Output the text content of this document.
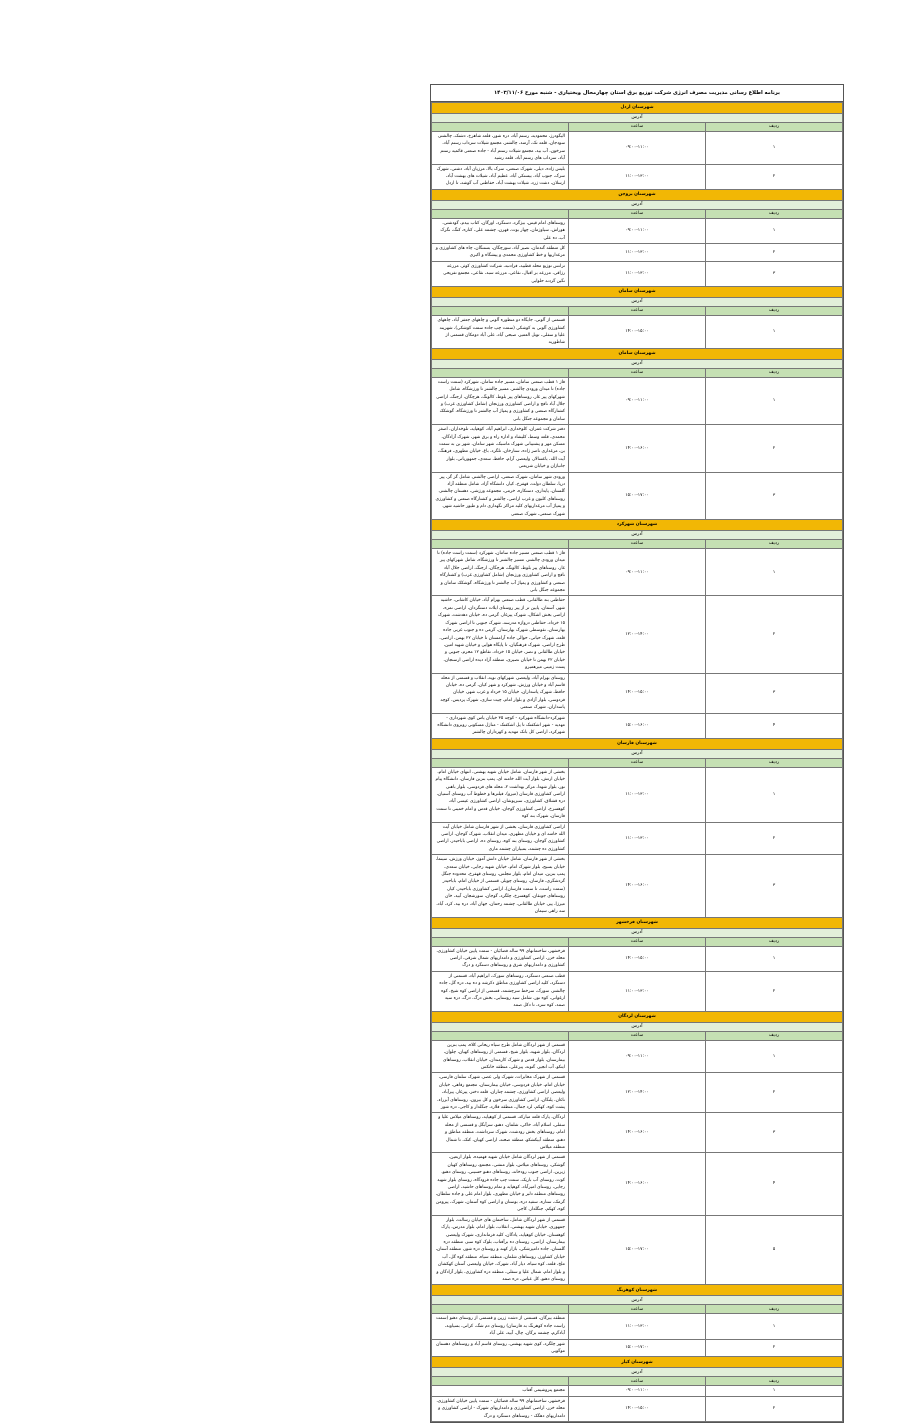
برنامه اطلاع رسانی مدیریت مصرف انرژی شرکت توزیع برق استان چهارمحال وبختیاری - شنبه مورخ ۱۴۰۳/۱۱/۰۶
شهرستان اردل		
آدرس		
ردیف	ساعت	
۱	۰۹:۰۰-۱۱:۰۰	الیگودرز، محمودیه، رستم آباد، دره شور، قلعه شاهرخ، دشتک، چالشتر، سودجان، قلعه تک، آرمند، چالشتر، مجتمع شیلات سرداب رستم آباد، سرخون، آب بید، مجتمع شیلات رستم آباد - جاده صنعتی قائمیه رستم آباد، سرداب های رستم آباد، قلعه رشید
۲	۱۱:۰۰-۱۳:۰۰	بلیس زاده، دیلی، شهرک صنعتی، سرک بالا، مرزیان آباد، دشتی، شهرک سرک، جنوب آباد، بیستکی آباد، عظیم آباد، شیلات های بهشت آباد، ارسلان، دشت زرد، شیلات بهشت آباد، حفاظتی آب گوشه، تا اردل
شهرستان بروجن		
آدرس		
ردیف	ساعت	
۱	۰۹:۰۰-۱۱:۰۰	روستاهای امام قیس، بیژگرد، دستگرد، اورگان، کتاب بیدم، گودشتی، هوراش، سیاوزمان، چهار بوت، قهرن، چشمه علی، کناره، کنگ، نگرک آب، ده علی
۲	۱۱:۰۰-۱۳:۰۰	کل منطقه گندمان، نصیر آباد، سورچگان، بستنگان، چاه های کشاورزی و مرغداریها و خط کشاورزی محمدی و پیشگاه و اکبری
۳	۱۱:۰۰-۱۳:۰۰	ترانس توزیع محله قطبیه، فرادنبه، شرکت کشاورزی کوثر، مزرعه رزاقی، مزرعه بر اقبال، نقاعی، مزرعه سبد، نقاعی، مجتمع تفریحی نگین گردنه حلوایی
شهرستان سامان		
آدرس		
ردیف	ساعت	
۱	۱۴:۰۰-۱۵:۰۰	قسمتی از آلونی، جایگاه دو منظوره آلونی و چاههای جعفر آباد، چاههای کشاورزی آلونی به کوشکی (سمت چپ جاده سمت کوشکی)، شهرینه علیا و سفلی، تونل العمیر، صبحی آباد، علی آباد دومکان قسمتی از شاطوریه
شهرستان سامان		
آدرس		
ردیف	ساعت	
۱	۰۹:۰۰-۱۱:۰۰	فاز ۱ قطب صنعتی سامان، مسیر جاده سامان، شهرکرد (سمت راست جاده) تا میدان ورودی چالشتر، مسیر چالشتر تا ورزشگاه، شامل شهرکهای پیر غار، روستاهای پیر بلوط، کالونگ، هرچگان، ارجنگ، اراضی جلال آباد نافچ و اراضی کشاورزی ورزنجان (شامل کشاورزی غرب) و کشتارگاه صنعتی و کشاورزی و پمپاژ آب چالشتر تا ورزشگاه، گوشکک سامان و مجموعه جنگل بانی
۲	۱۴:۰۰-۱۶:۰۰	دفتر شرکت عمران، کلوخداری، ابراهیم آباد، کوهپایه، تلوخداران، اصغر محمدی، قلعه وسط، کلیشاد و اداره راه و برق شهر، شهرک آزادگان، مسکن مهر و پشتیبانی شهرک ماسبک، شهر سامان، شهر بن به سمت بن، مرغداری ناصر زاده، ستارخان، تلگرد، باغ، خیابان مطهری، فرهنگ، آیت الله، باغسالار، ولیعصر، آرام، حافظ، سعدی، جمهوریاتی، بلوار جانبازان و خیابان شریعتی
۳	۱۵:۰۰-۱۷:۰۰	ورودی شهر سامان، شهرک صنعتی، اراضی چالشتر، شامل گز گز، پیر دریا، سلطان دولت، قهفرخ، کیار، دانشگاه آزاد، شامل منطقه آزاد گلستان، پایداری، دستکاره، خرمی، مجموعه ورزشی، دهستان چالشتر، روستاهای کلبون و غرب اراضی، چالشتر و کشتارگاه صنعتی و کشاورزی و پمپاژ آب مرغداریهای کلیه مراکز نگهداری دام و طیور حاشیه شهر، شهرک صنعتی، شهرک صنعتی
شهرستان شهرکرد		
آدرس		
ردیف	ساعت	
۱	۰۹:۰۰-۱۱:۰۰	فاز ۱ قطب صنعتی مسیر جاده سامان، شهرکرد (سمت راست جاده) تا میدان ورودی چالشتر، مسیر چالشتر تا ورزشگاه، شامل شهرکهای پیر غار، روستاهای پیر بلوط، کالونگ، هرچگان، ارجنگ، اراضی جلال آباد نافچ و اراضی کشاورزی ورزنجان (شامل کشاورزی غرب) و کشتارگاه صنعتی و کشاورزی و پمپاژ آب چالشتر تا ورزشگاه، گوشکک سامان و مجموعه جنگل بانی
۲	۱۲:۰۰-۱۴:۰۰	حفاظتی بند طالقانی، قطب صنعتی بهرام آباد، خیابان کاشانی، حاشیه شهر، آسمان، پایین تر از پیر روستای ایلات دستگردان، اراضی نمره، اراضی بخش اشکال، شهرک پیرغار، گرمی ده، خیابان دهدشت، شهرک ۱۵ خرداد، حفاظتی دروازه مدرسه، شهرک جنوبی تا اراضی شهرک بهارستان، نقوسطی شهرک بهارستان، گرمی ده و جنوب غربی جاده قلعه، شهرک حیاتی، حوالی جاده آرامستان تا خیابان ۲۲ بهمن، اراضی، طرح اراضی، شهرک فرهنگیان، تا پایگاه هوایی و خیابان شهید امین، خیابان طالقانی و نصر، خیابان ۱۵ خرداد، تقاطع ۱۲ محرم، جنوبی و خیابان ۲۲ بهمن تا خیابان نصیری، منطقه آزاد دیده اراضی ارسنجان، پست زمینی میرهمیرو
۳	۱۴:۰۰-۱۵:۰۰	روستای بهرام آباد، ولیعصر، شهرکهای نوید، انقلاب و قسمتی از محله قاسم آباد و خیابان ورزش، شهرکرد و شهر کیان، گرمی ده، خیابان حافظ، شهرک پاسداران، خیابان ۱۵ خرداد و غرب شهر، خیابان فردوسی، بلوار آزادی و بلوار امام، چیت سازی، شهرک پردیس، کوچه پاسداران، شهرک صنعتی
۴	۱۵:۰۰-۱۶:۰۰	شهرکرد-دانشگاه شهرکرد - کوچه ۳۵ خیابان یاس کوی شهرداری - مهدیه - شهر اشکفتک تا پل اشکفتک - منازل مسکونی روبروی دانشگاه شهرکرد، اراضی کل بانک مهدیه و کهرداران چالشتر
شهرستان فارسان		
آدرس		
ردیف	ساعت	
۱	۱۱:۰۰-۱۳:۰۰	بخشی از شهر فارسان، شامل خیابان شهید بهشتی، انتهای خیابان امام، خیابان ارتش، بلوار آیت الله خامنه ای، پمپ بنزین فارسان، دانشگاه پیام نور، بلوار شهدا، مرکز بهداشت ۲، محله های فردوسی، بلوار باهنر، اراضی کشاورزی فارسان (میرو)، فیلترها و خطوط آب روستای آستیان، دره قشلاق، کشاورزی، سبزپوشان، اراضی کشاورزی عیسی آباد، کوهسرخ، اراضی کشاورزی گوجان، خیابان قدس و امام خمینی تا سمت فارسان، شهرک بنه کوه
۲	۱۱:۰۰-۱۳:۰۰	اراضی کشاورزی فارسان، بخشی از شهر فارسان شامل خیابان آیت الله خامنه ای و خیابان مطهری، میدان انقلاب، شهرک گوجان، اراضی کشاورزی گوجان، روستای بنه کوه، روستای ده، اراضی باباحیدر، اراضی کشاورزی ده چشمه، بمبیاران چشمه ماری
۳	۱۴:۰۰-۱۶:۰۰	بخشی از شهر فارسان، شامل خیابان دانش آموز، خیابان ورزش، سینما، خیابان بسیج، بلوار شهرک امام، خیابان شهید رجایی، خیابان سعدی، پمپ بنزین، میدان امام، بلوار مجلس، روستای قهفرخ، محدوده جنگل گردشگری، فارسان، روستای چویلر، قسمتی از خیابان امام، باباحیدر (سمت راست، تا سمت فارسان)، اراضی کشاورزی باباحیدر، کیار، روستاهای جونقان، کوهسرخ، چلگرد، گوجان، سورشجان، آبید، خان میرزا، پیر، خیابان طالقانی، چشمه رحمان، جهان آباد، دره بید، کرد، آباد، سه راهی سیمان
شهرستان فرخشهر		
آدرس		
ردیف	ساعت	
۱	۱۴:۰۰-۱۵:۰۰	فرخشهر، ساختمانهای ۹۹ ساله فضائیان - سمت پایین خیابان کشاورزی، محله خزر، اراضی کشاورزی و دامداریهای شمال شرقی، اراضی کشاورزی و دامداریهای شرق و روستاهای دستگرد و درگ
۲	۱۱:۰۰-۱۳:۰۰	قطب صنعتی دستگرد، روستاهای سورک، ابراهیم آباد، قسمتی از دستگرد، کلیه اراضی کشاورزی مناطق دکرشه و ده بید، دره گل، جاده چالشتر، سورک، سرخط سرچشمه، قسمتی از اراضی کوه شیخ، کوه ارغوانی، کوه نور، شامل سید روستایی، بخش درگ، درگ، دره سید صمد، کوه سرد، تا دکل صمد
شهرستان لردگان		
آدرس		
ردیف	ساعت	
۱	۰۹:۰۰-۱۱:۰۰	قسمتی از شهر لردگان شامل طرح سیاه ریحانی کلاه، پمپ بنزین لردگان، بلوار شهید، بلوار شیخ، قسمتی از روستاهای کهیان، چلوان، بیمارستان، بلوار قدس و شهرک کارمندان، خیابان انقلاب، روستاهای ایتکو، آب انجیر، گتوند، پیرعلی، منطقه خانکس
۲	۱۲:۰۰-۱۴:۰۰	قسمتی از شهرک مخابرات، شهرک ولی عصر، شهرک سلمان فارسی، خیابان امام، خیابان فردوسی، خیابان بیمارستان، مجتمع رفاهی، خیابان ولیعصر، اراضی کشاورزی، چشمه چناران، قلعه دختر، پیرغار، پیرآباد، ناغان، پلنگان، اراضی کشاورزی سرخون و کل بیرون، روستاهای آبزراء، پشت کوه، کهکم، لرد جمال، منطقه فلارد، جنگلدار و کاجی، دره شور
۳	۱۴:۰۰-۱۶:۰۰	لردگان، پارک قلعه مبارکه، قسمتی از کوهپایه، روستاهای میلاس علیا و سفلی، اسلام آباد، خاکی، شلمان، دهنو، سرآبگل و قسمتی از محله امام، روستاهای بخش رودشت، شهرک سرداشت، منطقه مناطق و دهنو، منطقه آبیکشکو، منطقه صحنه، اراضی کهیان، کتک، تا شمال منطقه میلاس
۴	۱۴:۰۰-۱۶:۰۰	قسمتی از شهر لردگان شامل خیابان شهید فهمیده، بلوار اربعین، گوشکی، روستاهای میلاس، بلوار منشی، مجتمع، روستاهای کهیان زیرین، اراضی جنوب رودخانه، روستاهای دهنو حسینی، روستای دهنو، کوت، روستای آب باریک، سمت چپ جاده فرودگاه، روستای بلوار شهید رجایی، روستای امیرآباد، کوهپایه و تمام روستاهای حاشیه، اراضی روستاهای منطقه دلبر و خیابان مطهری، بلوار امام علی و جاده سلطان، گرمک، ستاره، سفید دره، بوستان و اراضی کوه آسمان، شهرک، پیرومن کوه، کهکم، جنگلدار، کاجی
۵	۱۵:۰۰-۱۷:۰۰	قسمتی از شهر لردگان شامل، ساختمان های خیابان رسالت، بلوار جمهوری، خیابان شهید بهشتی، انقلاب، بلوار امام، بلوار مدرس، پارک کوهستان، خیابان کوهپایه، پادگان، کلیه فرمانداری، شهرک ولیعصر، بیمارستان، اراضی، روستای ده برآفتاب، بلوک کوه سبز، منطقه دره گلستان، جاده دامپزشکی، بازار کهنه و روستای دره شور، منطقه آستان، خیابان کشاورز، روستاهای شلمان، منطقه سیاه، منطقه کوه گل، آب ملخ، قلعه، کوه سیاه، دیار آباد، شهرک، خیابان ولیعصر، آستان کهکشان و بلوار امام، شمال علیا و سفلی، منطقه دره کشاورزی، بلوار آزادگان و روستای دهنو، کل عباس، دره صمد
شهرستان کوهرنگ		
آدرس		
ردیف	ساعت	
۱	۱۱:۰۰-۱۳:۰۰	منطقه بیرگان، قسمتی از دشت زرین و قسمتی از روستای دهنو (سمت راست جاده کوهرنگ به فارسان) روستای دم شگ، کراتی، بسیاوند، آبادگرم، چشمه برگان، چال، آبید، علی آباد
۲	۱۵:۰۰-۱۷:۰۰	شهر چلگرد، کوی شهید بهشتی، روستای قاسم آباد و روستاهای دهستان موگویی
شهرستان کیار		
آدرس		
ردیف	ساعت	
۱	۰۹:۰۰-۱۱:۰۰	مجتمع پتروشیمی آفتاب
۲	۱۴:۰۰-۱۵:۰۰	فرخشهر، ساختمانهای ۹۹ ساله فضائیان - سمت پایین خیابان کشاورزی، محله خزر، اراضی کشاورزی و دامداریهای شهرک - اراضی کشاورزی و دامداریهای دهگک - روستاهای دستگرد و درگ
